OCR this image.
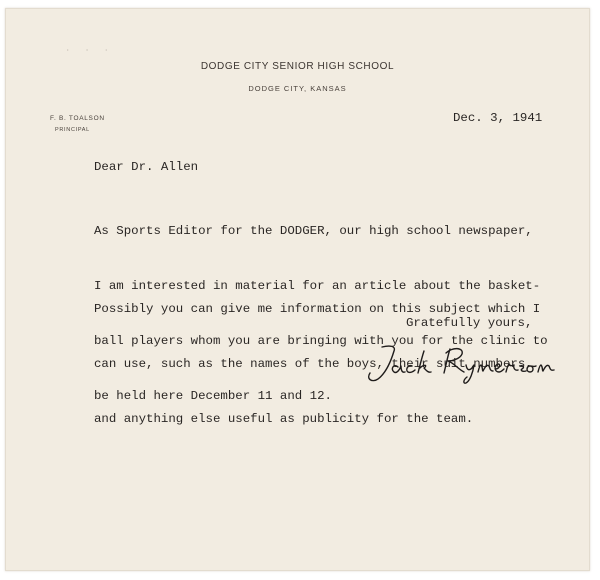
· · ·
DODGE CITY SENIOR HIGH SCHOOL
DODGE CITY, KANSAS
F. B. TOALSON
PRINCIPAL
Dec. 3, 1941
Dear Dr. Allen

As Sports Editor for the DODGER, our high school newspaper,

I am interested in material for an article about the basket-

ball players whom you are bringing with you for the clinic to

be held here December 11 and 12.

Possibly you can give me information on this subject which I

can use, such as the names of the boys, their suit numbers,

and anything else useful as publicity for the team.

Gratefully yours,
